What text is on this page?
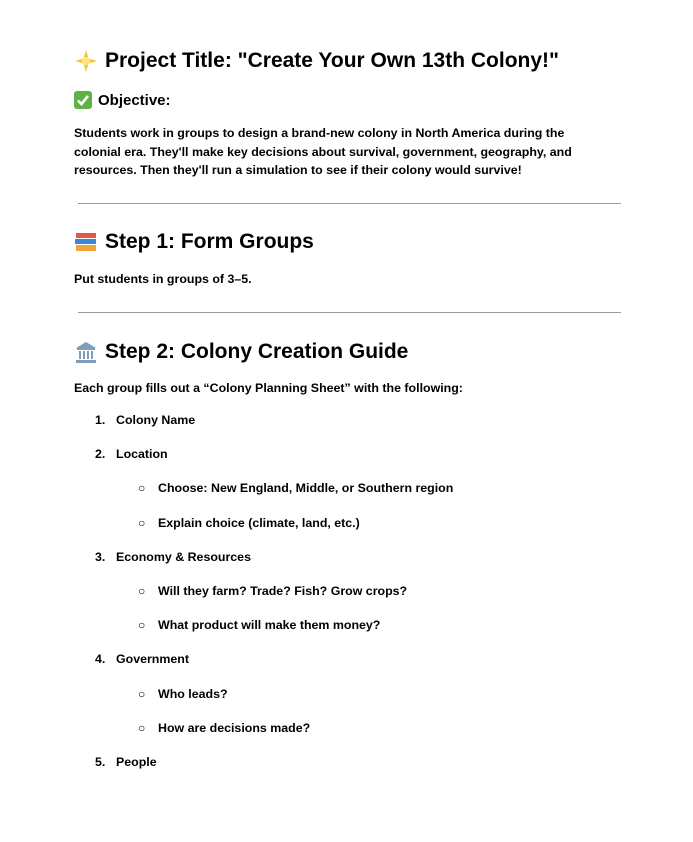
Project Title: "Create Your Own 13th Colony!"
Objective:
Students work in groups to design a brand-new colony in North America during the
colonial era. They'll make key decisions about survival, government, geography, and
resources. Then they'll run a simulation to see if their colony would survive!
Step 1: Form Groups
Put students in groups of 3–5.
Step 2: Colony Creation Guide
Each group fills out a “Colony Planning Sheet” with the following:
1. Colony Name
2. Location
○ Choose: New England, Middle, or Southern region
○ Explain choice (climate, land, etc.)
3. Economy & Resources
○ Will they farm? Trade? Fish? Grow crops?
○ What product will make them money?
4. Government
○ Who leads?
○ How are decisions made?
5. People
